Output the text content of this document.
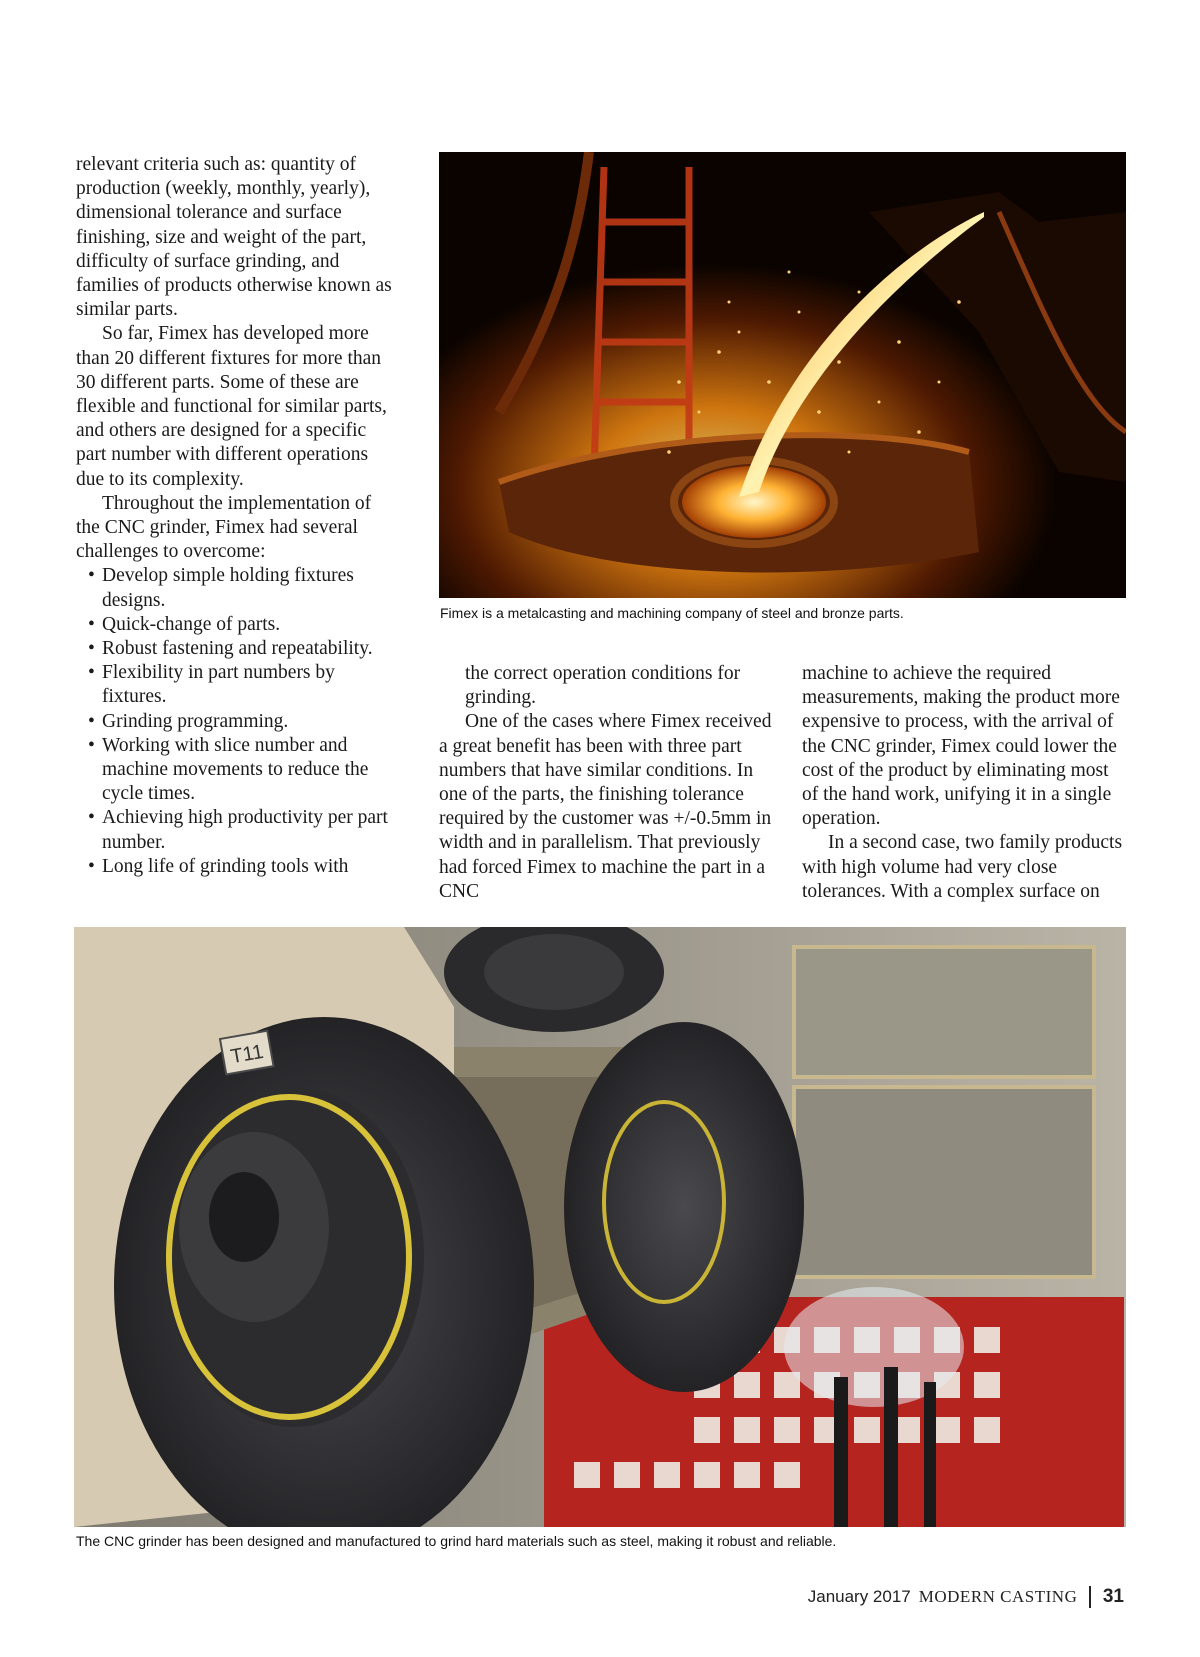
relevant criteria such as: quantity of production (weekly, monthly, yearly), dimensional tolerance and surface finishing, size and weight of the part, difficulty of surface grinding, and families of products otherwise known as similar parts.

So far, Fimex has developed more than 20 different fixtures for more than 30 different parts. Some of these are flexible and functional for similar parts, and others are designed for a specific part number with different operations due to its complexity.

Throughout the implementation of the CNC grinder, Fimex had several challenges to overcome:

• Develop simple holding fixtures designs.
• Quick-change of parts.
• Robust fastening and repeatability.
• Flexibility in part numbers by fixtures.
• Grinding programming.
• Working with slice number and machine movements to reduce the cycle times.
• Achieving high productivity per part number.
• Long life of grinding tools with
Fimex is a metalcasting and machining company of steel and bronze parts.

the correct operation conditions for grinding.

One of the cases where Fimex received a great benefit has been with three part numbers that have similar conditions. In one of the parts, the finishing tolerance required by the customer was +/-0.5mm in width and in parallelism. That previously had forced Fimex to machine the part in a CNC

machine to achieve the required measurements, making the product more expensive to process, with the arrival of the CNC grinder, Fimex could lower the cost of the product by eliminating most of the hand work, unifying it in a single operation.

In a second case, two family products with high volume had very close tolerances. With a complex surface on

T11
The CNC grinder has been designed and manufactured to grind hard materials such as steel, making it robust and reliable.
January 2017 MODERN CASTING 31
